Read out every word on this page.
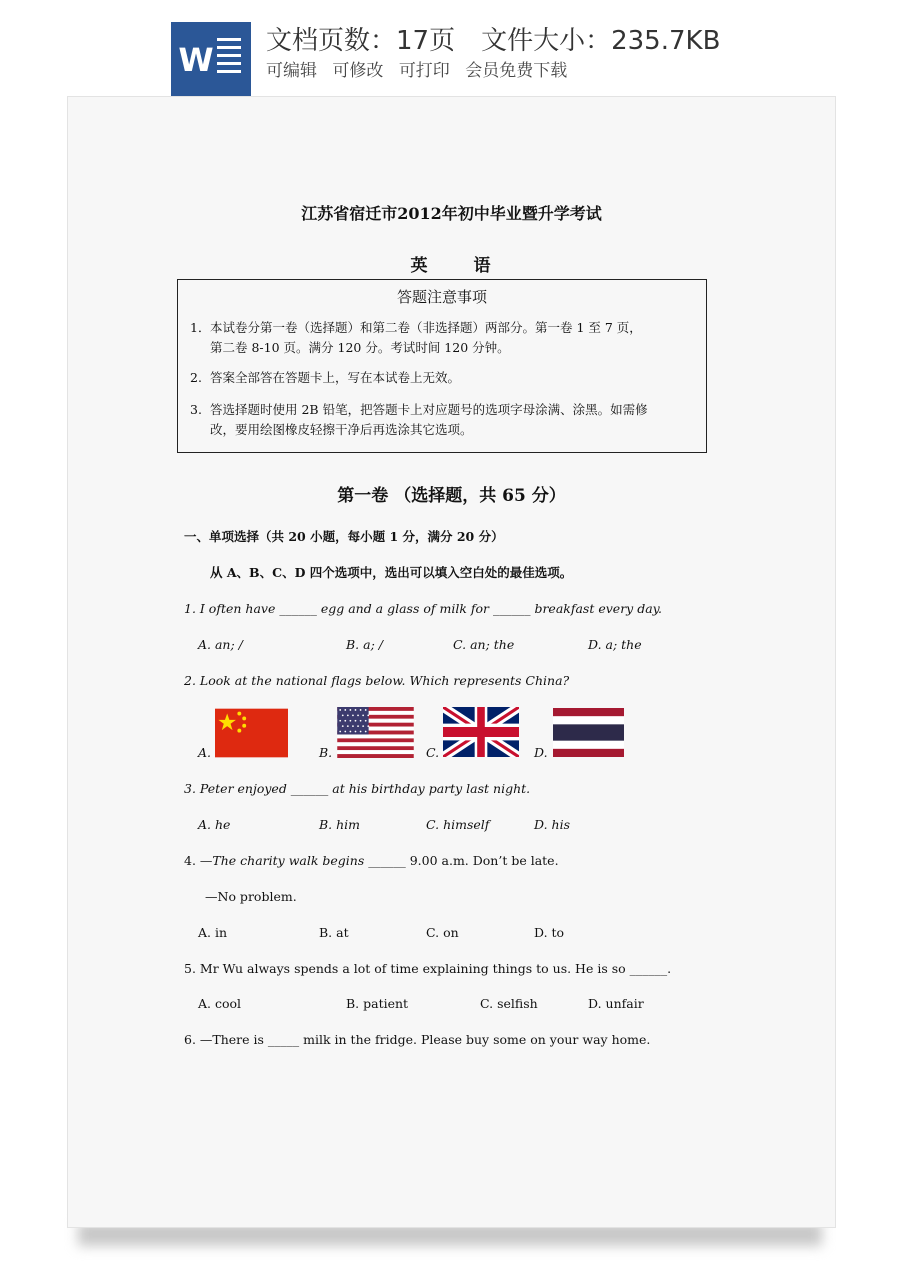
W 文档页数：17页 文件大小：235.7KB
可编辑 可修改 可打印 会员免费下载
江苏省宿迁市2012年初中毕业暨升学考试
英	语
答题注意事项
1．本试卷分第一卷（选择题）和第二卷（非选择题）两部分。第一卷 1 至 7 页，
第二卷 8-10 页。满分 120 分。考试时间 120 分钟。
2. 答案全部答在答题卡上，写在本试卷上无效。
3. 答选择题时使用 2B 铅笔，把答题卡上对应题号的选项字母涂满、涂黑。如需修
改，要用绘图橡皮轻擦干净后再选涂其它选项。
第一卷 （选择题，共 65 分）
一、单项选择（共 20 小题，每小题 1 分，满分 20 分）
从 A、B、C、D 四个选项中，选出可以填入空白处的最佳选项。
1. I often have ______ egg and a glass of milk for ______ breakfast every day.
A. an; /	B. a; /	C. an; the	D. a; the
2. Look at the national flags below. Which represents China?
A.	B.	C.	D.
3. Peter enjoyed ______ at his birthday party last night.
A. he	B. him	C. himself	D. his
4. —The charity walk begins ______ 9.00 a.m. Don’t be late.
—No problem.
A. in	B. at	C. on	D. to
5. Mr Wu always spends a lot of time explaining things to us. He is so ______.
A. cool	B. patient	C. selfish	D. unfair
6. —There is _____ milk in the fridge. Please buy some on your way home.
